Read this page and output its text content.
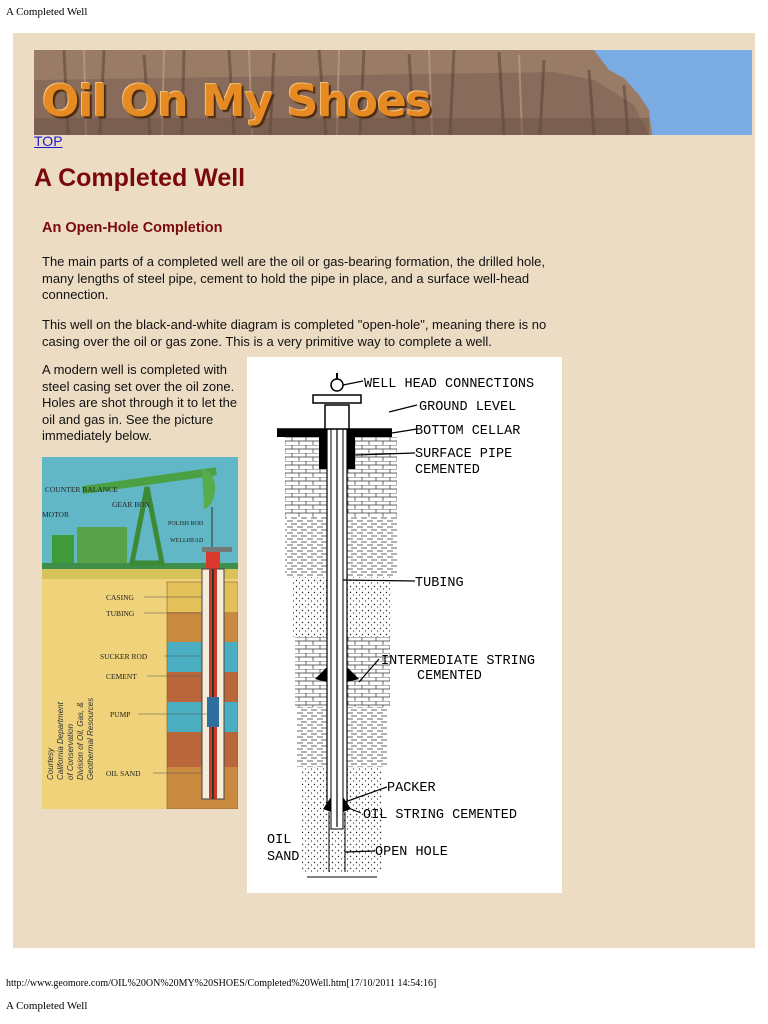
A Completed Well
Oil On My Shoes
TOP
A Completed Well
An Open-Hole Completion

The main parts of a completed well are the oil or gas-bearing formation, the drilled hole, many lengths of steel pipe, cement to hold the pipe in place, and a surface well-head connection.

This well on the black-and-white diagram is completed "open-hole", meaning there is no casing over the oil or gas zone. This is a very primitive way to complete a well.

A modern well is completed with steel casing set over the oil zone. Holes are shot through it to let the oil and gas in. See the picture immediately below.

COUNTER BALANCE
GEAR BOX
MOTOR
POLISH ROD
WELLHEAD
CASING
TUBING
SUCKER ROD
CEMENT
PUMP
OIL SAND
Courtesy California Department of Conservation Division of Oil, Gas, & Geothermal Resources
WELL HEAD CONNECTIONS
GROUND LEVEL
BOTTOM CELLAR
SURFACE PIPE
CEMENTED
TUBING
INTERMEDIATE STRING
CEMENTED
PACKER
OIL STRING CEMENTED
OIL
SAND	OPEN HOLE
http://www.geomore.com/OIL%20ON%20MY%20SHOES/Completed%20Well.htm[17/10/2011 14:54:16]
A Completed Well
